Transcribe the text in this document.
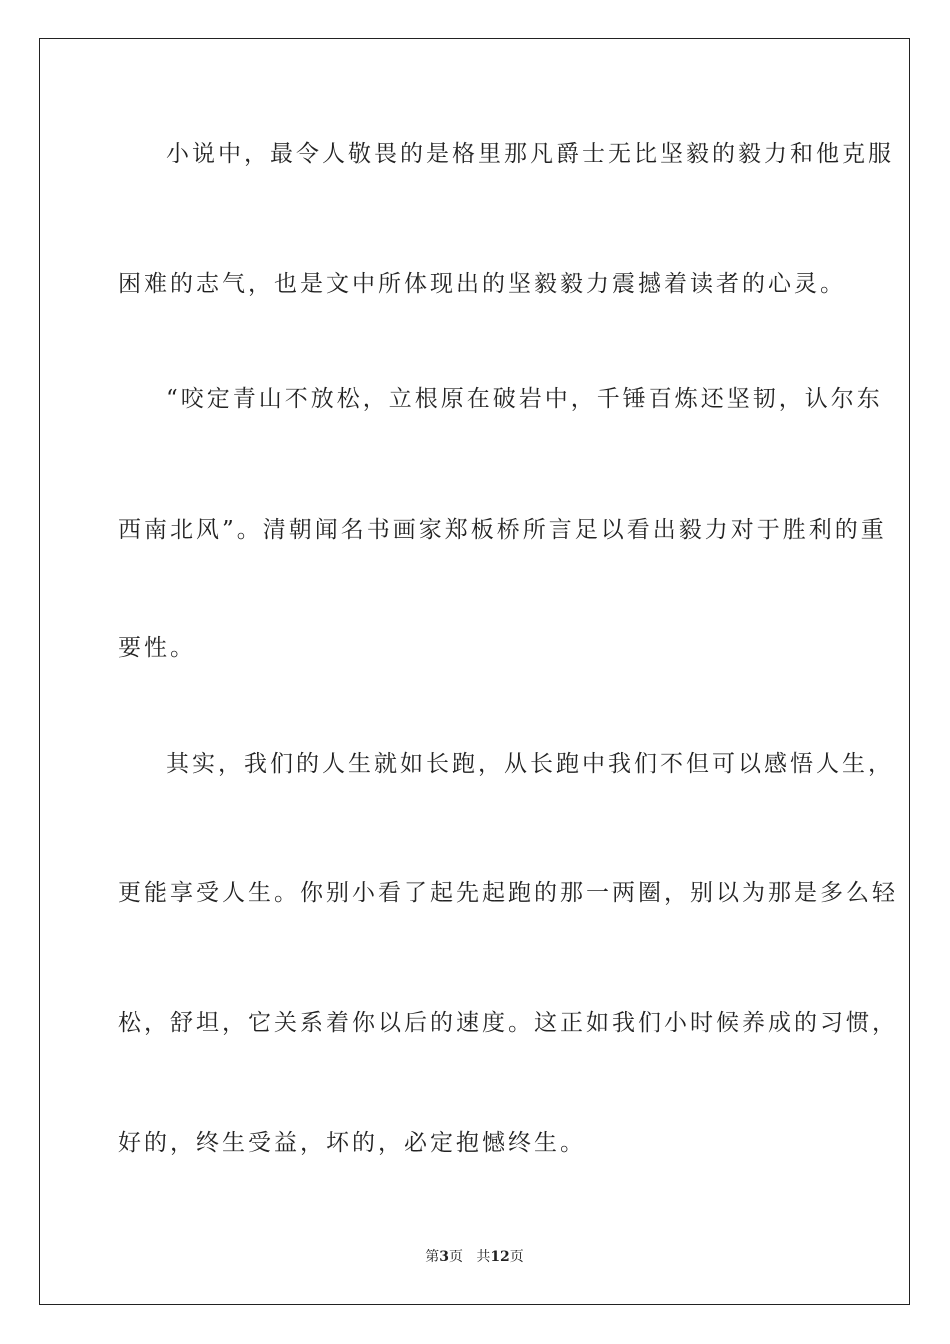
小说中，最令人敬畏的是格里那凡爵士无比坚毅的毅力和他克服
困难的志气，也是文中所体现出的坚毅毅力震撼着读者的心灵。
“咬定青山不放松，立根原在破岩中，千锤百炼还坚韧，认尔东
西南北风”。清朝闻名书画家郑板桥所言足以看出毅力对于胜利的重
要性。
其实，我们的人生就如长跑，从长跑中我们不但可以感悟人生，
更能享受人生。你别小看了起先起跑的那一两圈，别以为那是多么轻
松，舒坦，它关系着你以后的速度。这正如我们小时候养成的习惯，
好的，终生受益，坏的，必定抱憾终生。
第3页 共12页
